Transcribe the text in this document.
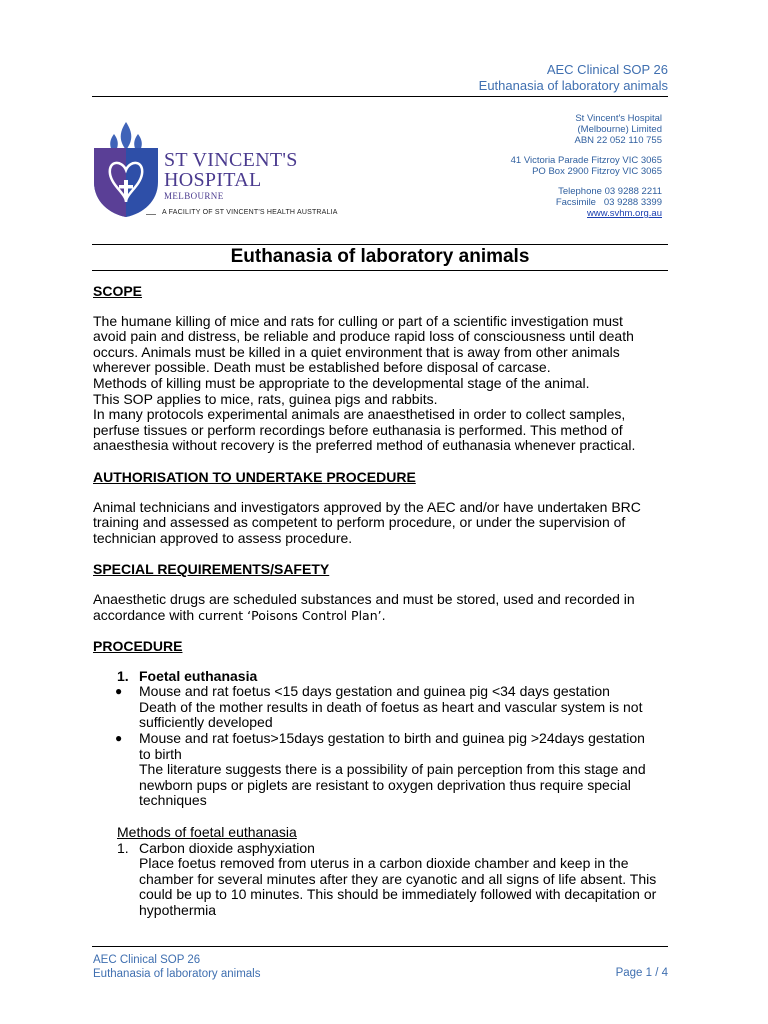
AEC Clinical SOP 26
Euthanasia of laboratory animals
ST VINCENT'S
HOSPITAL
MELBOURNE
A FACILITY OF ST VINCENT'S HEALTH AUSTRALIA
St Vincent's Hospital
(Melbourne) Limited
ABN 22 052 110 755
41 Victoria Parade Fitzroy VIC 3065
PO Box 2900 Fitzroy VIC 3065
Telephone 03 9288 2211
Facsimile   03 9288 3399
www.svhm.org.au
Euthanasia of laboratory animals
SCOPE
The humane killing of mice and rats for culling or part of a scientific investigation must
avoid pain and distress, be reliable and produce rapid loss of consciousness until death
occurs. Animals must be killed in a quiet environment that is away from other animals
wherever possible. Death must be established before disposal of carcase.
Methods of killing must be appropriate to the developmental stage of the animal.
This SOP applies to mice, rats, guinea pigs and rabbits.
In many protocols experimental animals are anaesthetised in order to collect samples,
perfuse tissues or perform recordings before euthanasia is performed. This method of
anaesthesia without recovery is the preferred method of euthanasia whenever practical.
AUTHORISATION TO UNDERTAKE PROCEDURE
Animal technicians and investigators approved by the AEC and/or have undertaken BRC
training and assessed as competent to perform procedure, or under the supervision of
technician approved to assess procedure.
SPECIAL REQUIREMENTS/SAFETY
Anaesthetic drugs are scheduled substances and must be stored, used and recorded in
accordance with current ‘Poisons Control Plan’.
PROCEDURE
1. Foetal euthanasia
● Mouse and rat foetus <15 days gestation and guinea pig <34 days gestation
Death of the mother results in death of foetus as heart and vascular system is not
sufficiently developed
● Mouse and rat foetus>15days gestation to birth and guinea pig >24days gestation
to birth
The literature suggests there is a possibility of pain perception from this stage and
newborn pups or piglets are resistant to oxygen deprivation thus require special
techniques
Methods of foetal euthanasia
1. Carbon dioxide asphyxiation
Place foetus removed from uterus in a carbon dioxide chamber and keep in the
chamber for several minutes after they are cyanotic and all signs of life absent. This
could be up to 10 minutes. This should be immediately followed with decapitation or
hypothermia
AEC Clinical SOP 26
Euthanasia of laboratory animals	Page 1 / 4
